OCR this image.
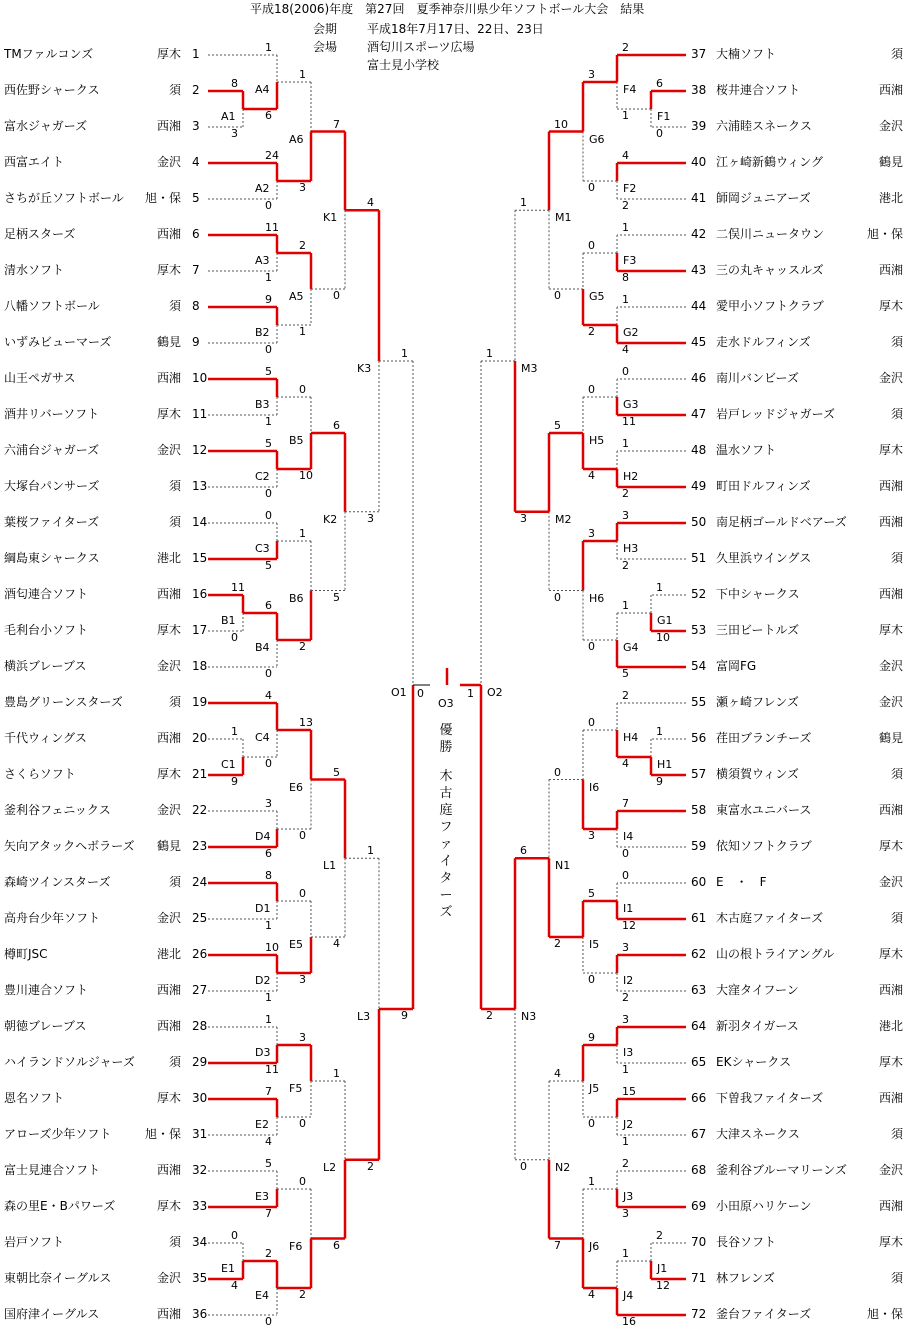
平成18(2006)年度　第27回　夏季神奈川県少年ソフトボール大会　結果
会期 平成18年7月17日、22日、23日
会場 酒匂川スポーツ広場
富士見小学校
TMファルコンズ	厚木 1
西佐野シャークス	須 2
富水ジャガーズ	西湘 3
西富エイト	金沢 4
さちが丘ソフトボール 旭・保 5
足柄スターズ	西湘 6
清水ソフト	厚木 7
八幡ソフトボール	須 8
いずみビューマーズ	鶴見 9
山王ペガサス	西湘 10
酒井リバーソフト	厚木 11
六浦台ジャガーズ	金沢 12
大塚台パンサーズ	須 13
葉桜ファイターズ	須 14
綱島東シャークス	港北 15
酒匂連合ソフト	西湘 16
毛利台小ソフト	厚木 17
横浜ブレーブス	金沢 18
豊島グリーンスターズ	須 19
千代ウィングス	西湘 20
さくらソフト	厚木 21
釜利谷フェニックス	金沢 22
矢向アタックヘボラーズ 鶴見 23
森崎ツインスターズ	須 24
高舟台少年ソフト	金沢 25
樽町JSC	港北 26
豊川連合ソフト	西湘 27
朝徳ブレーブス	西湘 28
ハイランドソルジャーズ	須 29
恩名ソフト	厚木 30
アローズ少年ソフト	旭・保 31
富士見連合ソフト	西湘 32
森の里E・Bパワーズ	厚木 33
岩戸ソフト	須 34
東朝比奈イーグルス	金沢 35
国府津イーグルス	西湘 36
37 大楠ソフト	須
38 桜井連合ソフト	西湘
39 六浦睦スネークス	金沢
40 江ヶ崎新鶴ウィング	鶴見
41 師岡ジュニアーズ	港北
42 二俣川ニュータウン	旭・保
43 三の丸キャッスルズ	西湘
44 愛甲小ソフトクラブ	厚木
45 走水ドルフィンズ	須
46 南川バンビーズ	金沢
47 岩戸レッドジャガーズ	須
48 温水ソフト	厚木
49 町田ドルフィンズ	西湘
50 南足柄ゴールドベアーズ	西湘
51 久里浜ウイングス	須
52 下中シャークス	西湘
53 三田ビートルズ	厚木
54 富岡FG	金沢
55 瀬ヶ崎フレンズ	金沢
56 荏田ブランチーズ	鶴見
57 横須賀ウィンズ	須
58 東富水ユニバース	西湘
59 依知ソフトクラブ	厚木
60 E　・　F	金沢
61 木古庭ファイターズ	須
62 山の根トライアングル	厚木
63 大窪タイフーン	西湘
64 新羽タイガース	港北
65 EKシャークス	厚木
66 下曽我ファイターズ	西湘
67 大津スネークス	須
68 釜利谷ブルーマリーンズ	金沢
69 小田原ハリケーン	西湘
70 長谷ソフト	厚木
71 林フレンズ	須
72 釜台ファイターズ	旭・保
8
3
A1
1
6
A4
24
0
A2
1
3
A6
11
1
A3
9
0
B2
2
1
A5
7
0
K1
5
1
B3
5
0
C2
0
10
B5
0
5
C3
11
0
B1
6
0
B4
1
2
B6
6
5
K2
4
3
K3
1
9
C1
4
0
C4
3
6
D4
13
0
E6
8
1
D1
10
1
D2
0
3
E5
5
4
L1
1
11
D3
7
4
E2
3
0
F5
5
7
E3
0
4
E1
2
0
E4
0
2
F6
1
6
L2
1
2
L3
1
9
O1
6
0
F1
2
1
F4
4
2
F2
3
0
G6
1
8
F3
1
4
G2
0
2
G5
10
0
M1
0
11
G3
1
2
H2
0
4
H5
3
2
H3
1
10
G1
1
5
G4
3
0
H6
5
0
M2
1
3
M3
1
9
H1
2
4
H4
7
0
I4
0
3
I6
0
12
I1
3
2
I2
5
0
I5
0
2
N1
3
1
I3
15
1
J2
9
0
J5
2
3
J3
2
12
J1
1
16
J4
1
4
J6
4
7
N2
6
0
N3
1
2
O2
O3
0	1
優勝
木古庭ファイターズ
